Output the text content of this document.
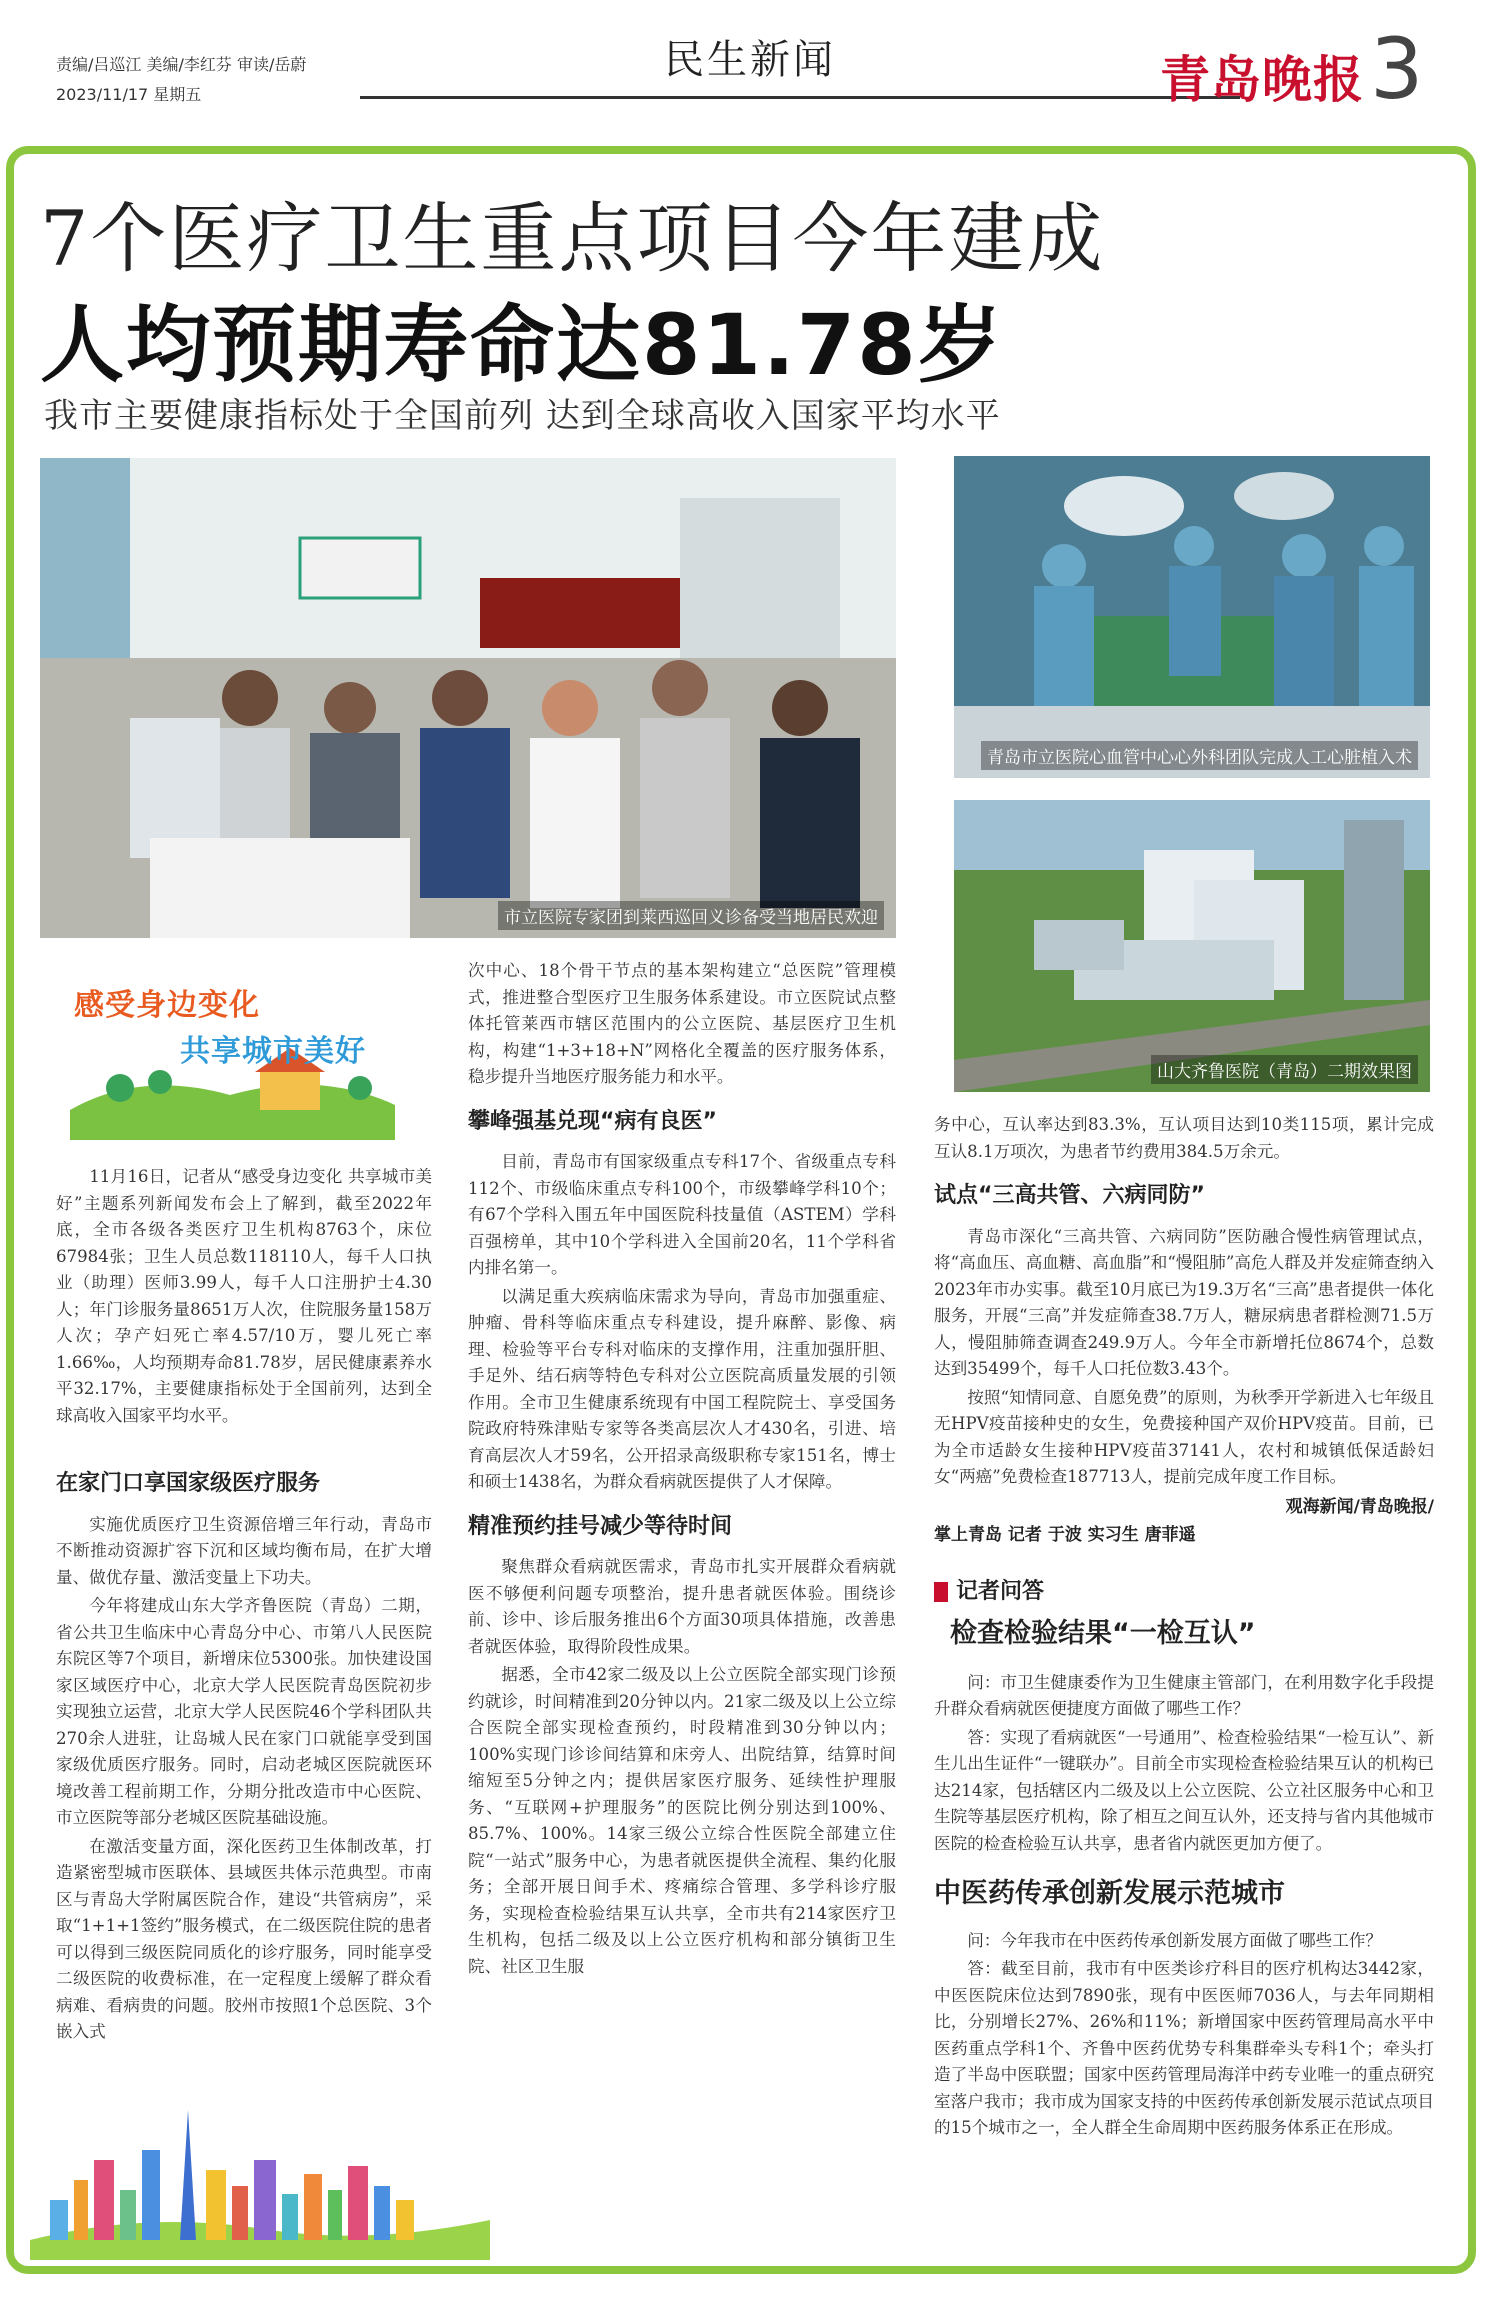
责编/吕巡江 美编/李红芬 审读/岳蔚
2023/11/17 星期五
民生新闻	青岛晚报 3
7个医疗卫生重点项目今年建成
人均预期寿命达81.78岁
我市主要健康指标处于全国前列 达到全球高收入国家平均水平
市立医院专家团到莱西巡回义诊备受当地居民欢迎
青岛市立医院心血管中心心外科团队完成人工心脏植入术
山大齐鲁医院（青岛）二期效果图
感受身边变化
共享城市美好

11月16日，记者从“感受身边变化 共享城市美好”主题系列新闻发布会上了解到，截至2022年底，全市各级各类医疗卫生机构8763个，床位67984张；卫生人员总数118110人，每千人口执业（助理）医师3.99人，每千人口注册护士4.30人；年门诊服务量8651万人次，住院服务量158万人次；孕产妇死亡率4.57/10万，婴儿死亡率1.66‰，人均预期寿命81.78岁，居民健康素养水平32.17%，主要健康指标处于全国前列，达到全球高收入国家平均水平。

在家门口享国家级医疗服务

实施优质医疗卫生资源倍增三年行动，青岛市不断推动资源扩容下沉和区域均衡布局，在扩大增量、做优存量、激活变量上下功夫。

今年将建成山东大学齐鲁医院（青岛）二期，省公共卫生临床中心青岛分中心、市第八人民医院东院区等7个项目，新增床位5300张。加快建设国家区域医疗中心，北京大学人民医院青岛医院初步实现独立运营，北京大学人民医院46个学科团队共270余人进驻，让岛城人民在家门口就能享受到国家级优质医疗服务。同时，启动老城区医院就医环境改善工程前期工作，分期分批改造市中心医院、市立医院等部分老城区医院基础设施。

在激活变量方面，深化医药卫生体制改革，打造紧密型城市医联体、县域医共体示范典型。市南区与青岛大学附属医院合作，建设“共管病房”，采取“1+1+1签约”服务模式，在二级医院住院的患者可以得到三级医院同质化的诊疗服务，同时能享受二级医院的收费标准，在一定程度上缓解了群众看病难、看病贵的问题。胶州市按照1个总医院、3个嵌入式

次中心、18个骨干节点的基本架构建立“总医院”管理模式，推进整合型医疗卫生服务体系建设。市立医院试点整体托管莱西市辖区范围内的公立医院、基层医疗卫生机构，构建“1+3+18+N”网格化全覆盖的医疗服务体系，稳步提升当地医疗服务能力和水平。

攀峰强基兑现“病有良医”

目前，青岛市有国家级重点专科17个、省级重点专科112个、市级临床重点专科100个，市级攀峰学科10个；有67个学科入围五年中国医院科技量值（ASTEM）学科百强榜单，其中10个学科进入全国前20名，11个学科省内排名第一。

以满足重大疾病临床需求为导向，青岛市加强重症、肿瘤、骨科等临床重点专科建设，提升麻醉、影像、病理、检验等平台专科对临床的支撑作用，注重加强肝胆、手足外、结石病等特色专科对公立医院高质量发展的引领作用。全市卫生健康系统现有中国工程院院士、享受国务院政府特殊津贴专家等各类高层次人才430名，引进、培育高层次人才59名，公开招录高级职称专家151名，博士和硕士1438名，为群众看病就医提供了人才保障。

精准预约挂号减少等待时间

聚焦群众看病就医需求，青岛市扎实开展群众看病就医不够便利问题专项整治，提升患者就医体验。围绕诊前、诊中、诊后服务推出6个方面30项具体措施，改善患者就医体验，取得阶段性成果。

据悉，全市42家二级及以上公立医院全部实现门诊预约就诊，时间精准到20分钟以内。21家二级及以上公立综合医院全部实现检查预约，时段精准到30分钟以内；100%实现门诊诊间结算和床旁人、出院结算，结算时间缩短至5分钟之内；提供居家医疗服务、延续性护理服务、“互联网+护理服务”的医院比例分别达到100%、85.7%、100%。14家三级公立综合性医院全部建立住院“一站式”服务中心，为患者就医提供全流程、集约化服务；全部开展日间手术、疼痛综合管理、多学科诊疗服务，实现检查检验结果互认共享，全市共有214家医疗卫生机构，包括二级及以上公立医疗机构和部分镇街卫生院、社区卫生服

务中心，互认率达到83.3%，互认项目达到10类115项，累计完成互认8.1万项次，为患者节约费用384.5万余元。

试点“三高共管、六病同防”

青岛市深化“三高共管、六病同防”医防融合慢性病管理试点，将“高血压、高血糖、高血脂”和“慢阻肺”高危人群及并发症筛查纳入2023年市办实事。截至10月底已为19.3万名“三高”患者提供一体化服务，开展“三高”并发症筛查38.7万人，糖尿病患者群检测71.5万人，慢阻肺筛查调查249.9万人。今年全市新增托位8674个，总数达到35499个，每千人口托位数3.43个。

按照“知情同意、自愿免费”的原则，为秋季开学新进入七年级且无HPV疫苗接种史的女生，免费接种国产双价HPV疫苗。目前，已为全市适龄女生接种HPV疫苗37141人，农村和城镇低保适龄妇女“两癌”免费检查187713人，提前完成年度工作目标。

观海新闻/青岛晚报/
掌上青岛 记者 于波 实习生 唐菲遥
记者问答
检查检验结果“一检互认”

问：市卫生健康委作为卫生健康主管部门，在利用数字化手段提升群众看病就医便捷度方面做了哪些工作？

答：实现了看病就医“一号通用”、检查检验结果“一检互认”、新生儿出生证件“一键联办”。目前全市实现检查检验结果互认的机构已达214家，包括辖区内二级及以上公立医院、公立社区服务中心和卫生院等基层医疗机构，除了相互之间互认外，还支持与省内其他城市医院的检查检验互认共享，患者省内就医更加方便了。

中医药传承创新发展示范城市

问：今年我市在中医药传承创新发展方面做了哪些工作？

答：截至目前，我市有中医类诊疗科目的医疗机构达3442家，中医医院床位达到7890张，现有中医医师7036人，与去年同期相比，分别增长27%、26%和11%；新增国家中医药管理局高水平中医药重点学科1个、齐鲁中医药优势专科集群牵头专科1个；牵头打造了半岛中医联盟；国家中医药管理局海洋中药专业唯一的重点研究室落户我市；我市成为国家支持的中医药传承创新发展示范试点项目的15个城市之一，全人群全生命周期中医药服务体系正在形成。
